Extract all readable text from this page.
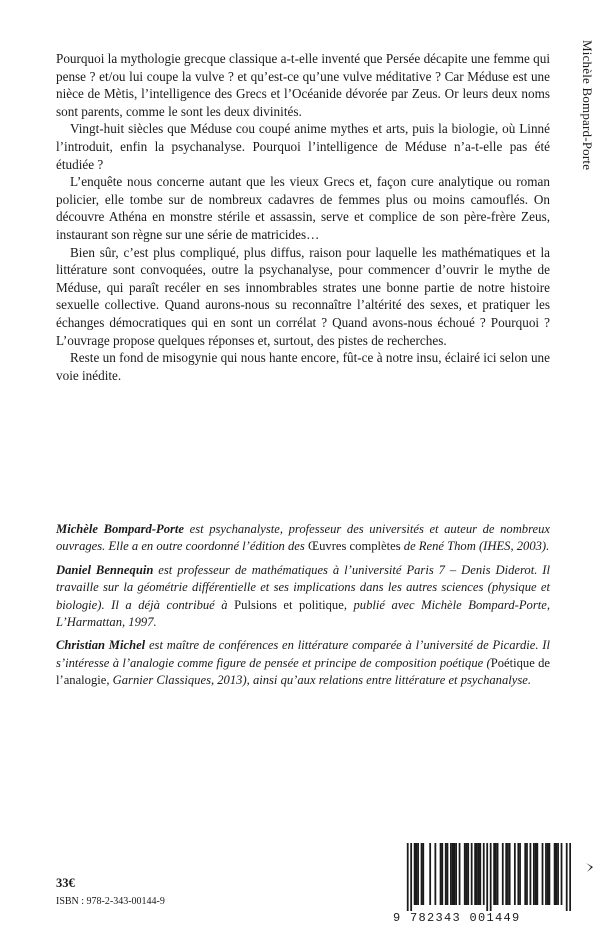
Michèle Bompard-Porte

Pourquoi la mythologie grecque classique a-t-elle inventé que Persée décapite une femme qui pense ? et/ou lui coupe la vulve ? et qu’est-ce qu’une vulve méditative ? Car Méduse est une nièce de Mètis, l’intelligence des Grecs et l’Océanide dévorée par Zeus. Or leurs deux noms sont parents, comme le sont les deux divinités.

Vingt-huit siècles que Méduse cou coupé anime mythes et arts, puis la biologie, où Linné l’introduit, enfin la psychanalyse. Pourquoi l’intelligence de Méduse n’a-t-elle pas été étudiée ?

L’enquête nous concerne autant que les vieux Grecs et, façon cure analytique ou roman policier, elle tombe sur de nombreux cadavres de femmes plus ou moins camouflés. On découvre Athéna en monstre stérile et assassin, serve et complice de son père-frère Zeus, instaurant son règne sur une série de matricides…

Bien sûr, c’est plus compliqué, plus diffus, raison pour laquelle les mathématiques et la littérature sont convoquées, outre la psychanalyse, pour commencer d’ouvrir le mythe de Méduse, qui paraît recéler en ses innombrables strates une bonne partie de notre histoire sexuelle collective. Quand aurons-nous su reconnaître l’altérité des sexes, et pratiquer les échanges démocratiques qui en sont un corrélat ? Quand avons-nous échoué ? Pourquoi ? L’ouvrage propose quelques réponses et, surtout, des pistes de recherches.

Reste un fond de misogynie qui nous hante encore, fût-ce à notre insu, éclairé ici selon une voie inédite.

Michèle Bompard-Porte est psychanalyste, professeur des universités et auteur de nombreux ouvrages. Elle a en outre coordonné l’édition des Œuvres complètes de René Thom (IHES, 2003).

Daniel Bennequin est professeur de mathématiques à l’université Paris 7 – Denis Diderot. Il travaille sur la géométrie différentielle et ses implications dans les autres sciences (physique et biologie). Il a déjà contribué à Pulsions et politique, publié avec Michèle Bompard-Porte, L’Harmattan, 1997.

Christian Michel est maître de conférences en littérature comparée à l’université de Picardie. Il s’intéresse à l’analogie comme figure de pensée et principe de composition poétique (Poétique de l’analogie, Garnier Classiques, 2013), ainsi qu’aux relations entre littérature et psychanalyse.

33€
ISBN : 978-2-343-00144-9
9 782343 001449
